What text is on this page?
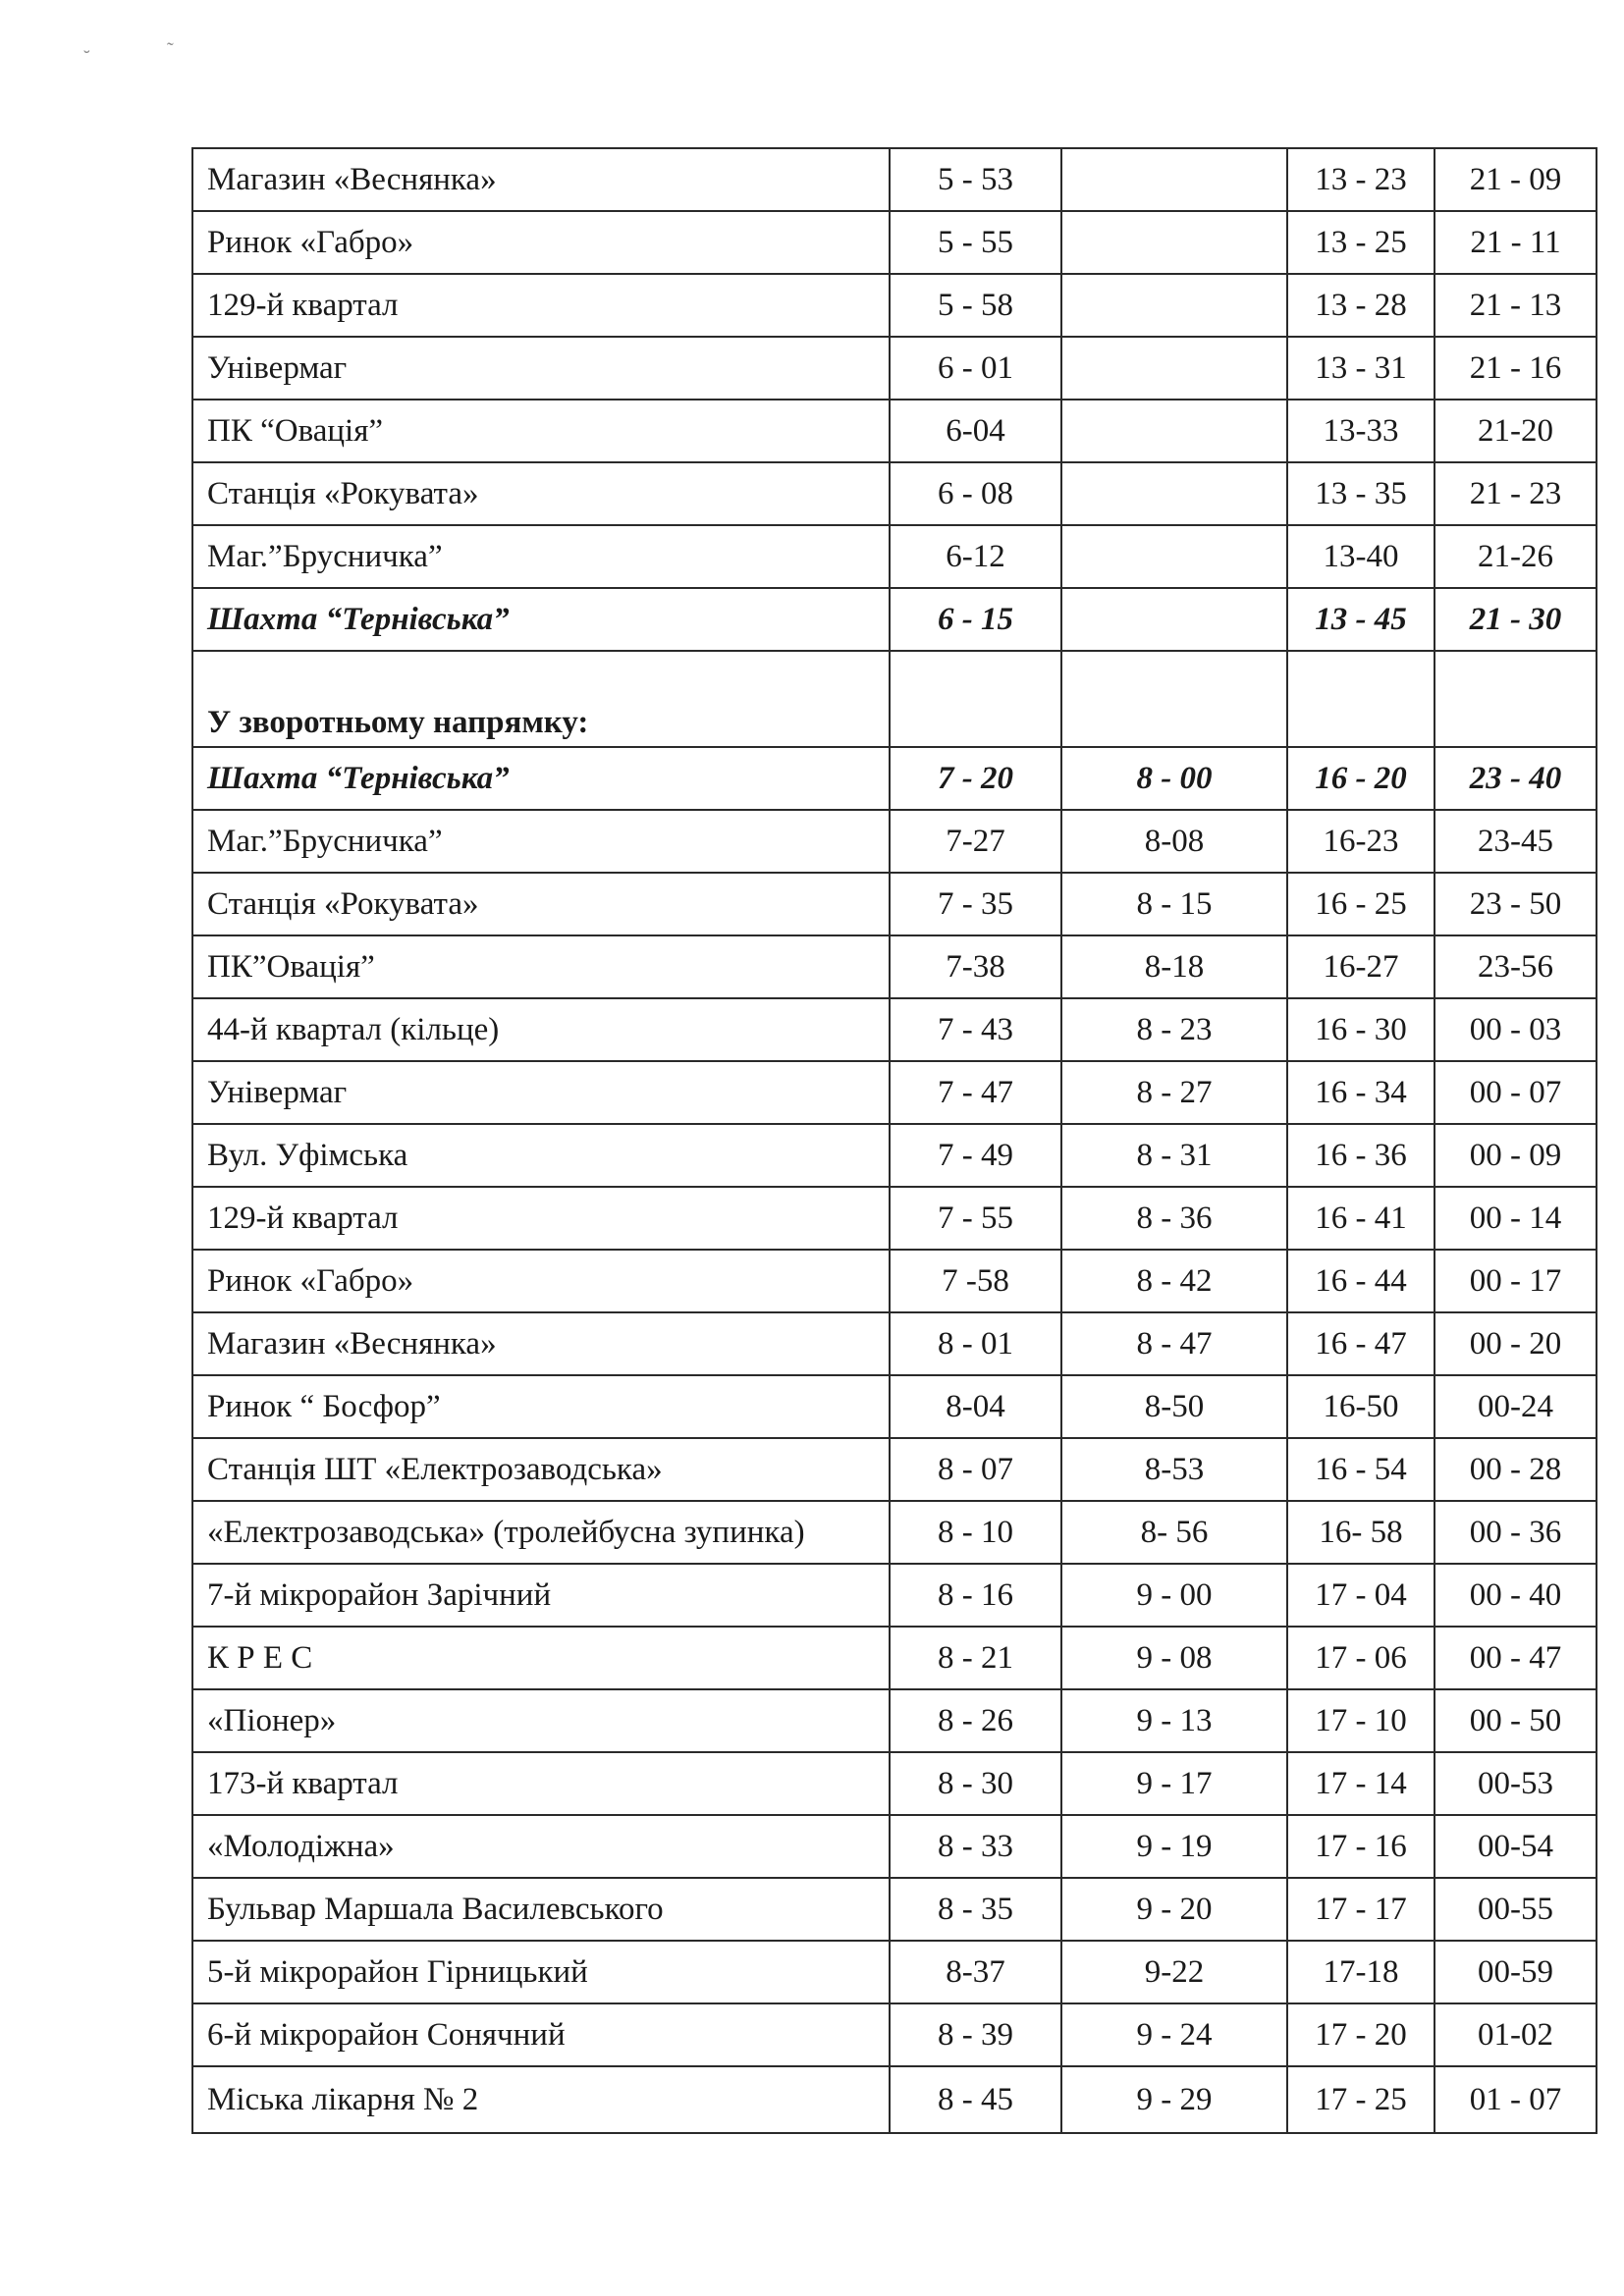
˜
˘
Магазин «Веснянка»	5 - 53		13 - 23	21 - 09
Ринок «Габро»	5 - 55		13 - 25	21 - 11
129-й квартал	5 - 58		13 - 28	21 - 13
Універмаг	6 - 01		13 - 31	21 - 16
ПК “Овація”	6-04		13-33	21-20
Станція «Рокувата»	6 - 08		13 - 35	21 - 23
Маг.”Брусничка”	6-12		13-40	21-26
Шахта “Тернівська”	6 - 15		13 - 45	21 - 30
У зворотньому напрямку:				
Шахта “Тернівська”	7 - 20	8 - 00	16 - 20	23 - 40
Маг.”Брусничка”	7-27	8-08	16-23	23-45
Станція «Рокувата»	7 - 35	8 - 15	16 - 25	23 - 50
ПК”Овація”	7-38	8-18	16-27	23-56
44-й квартал (кільце)	7 - 43	8 - 23	16 - 30	00 - 03
Універмаг	7 - 47	8 - 27	16 - 34	00 - 07
Вул. Уфімська	7 - 49	8 - 31	16 - 36	00 - 09
129-й квартал	7 - 55	8 - 36	16 - 41	00 - 14
Ринок «Габро»	7 -58	8 - 42	16 - 44	00 - 17
Магазин «Веснянка»	8 - 01	8 - 47	16 - 47	00 - 20
Ринок “ Босфор”	8-04	8-50	16-50	00-24
Станція ШТ «Електрозаводська»	8 - 07	8-53	16 - 54	00 - 28
«Електрозаводська» (тролейбусна зупинка)	8 - 10	8- 56	16- 58	00 - 36
7-й мікрорайон Зарічний	8 - 16	9 - 00	17 - 04	00 - 40
К Р Е С	8 - 21	9 - 08	17 - 06	00 - 47
«Піонер»	8 - 26	9 - 13	17 - 10	00 - 50
173-й квартал	8 - 30	9 - 17	17 - 14	00-53
«Молодіжна»	8 - 33	9 - 19	17 - 16	00-54
Бульвар Маршала Василевського	8 - 35	9 - 20	17 - 17	00-55
5-й мікрорайон Гірницький	8-37	9-22	17-18	00-59
6-й мікрорайон Сонячний	8 - 39	9 - 24	17 - 20	01-02
Міська лікарня № 2	8 - 45	9 - 29	17 - 25	01 - 07
